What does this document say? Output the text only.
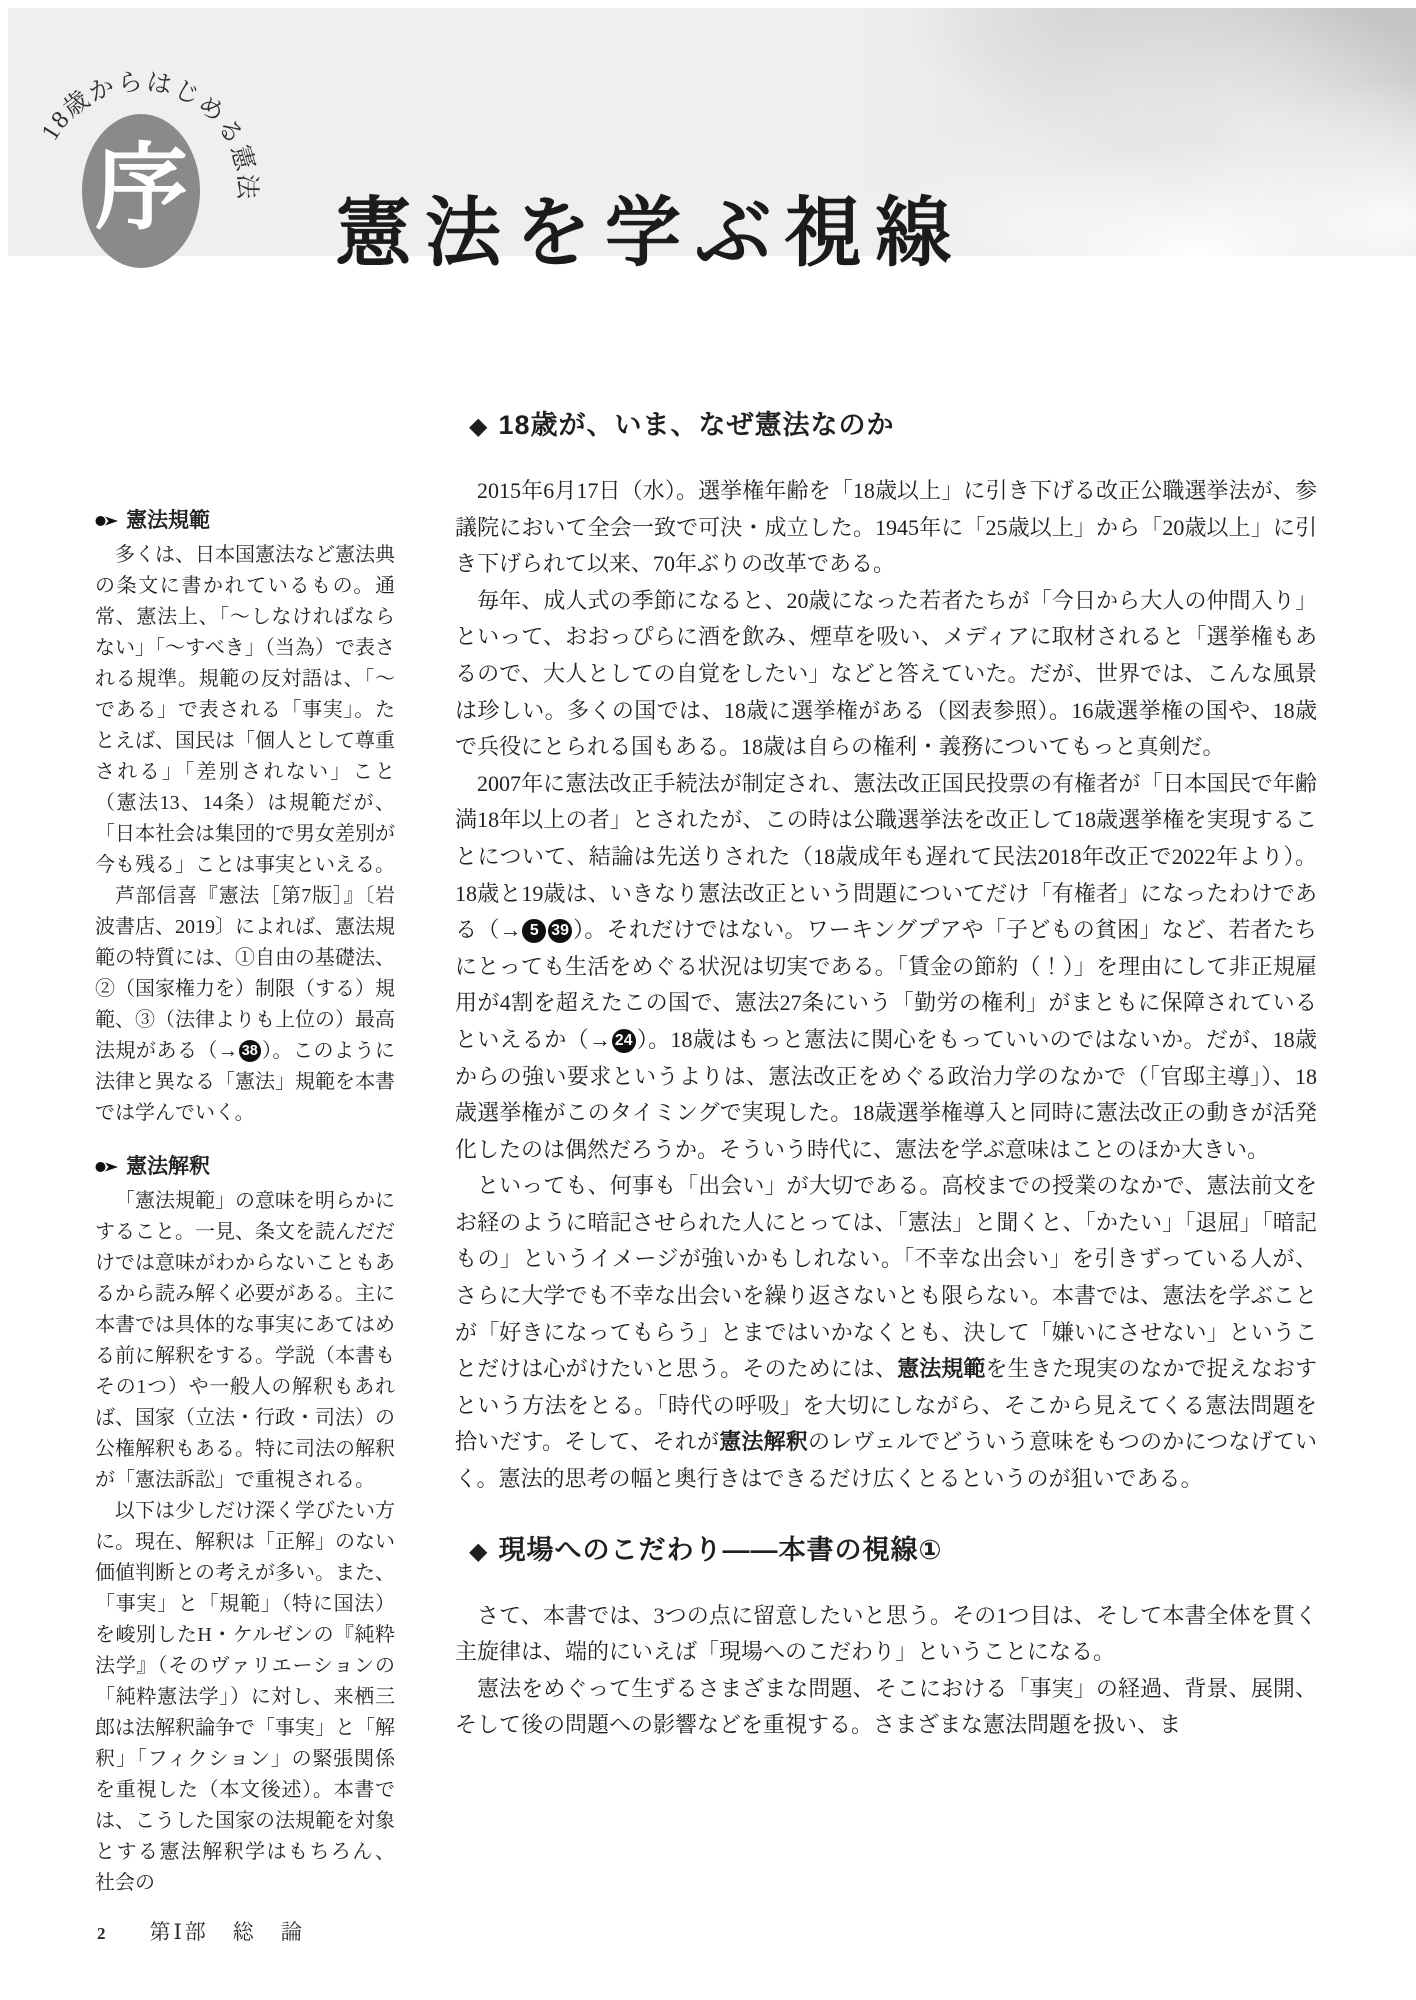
18歳からはじめる憲法
序 憲法を学ぶ視線
憲法規範

多くは、日本国憲法など憲法典の条文に書かれているもの。通常、憲法上、「〜しなければならない」「〜すべき」（当為）で表される規準。規範の反対語は、「〜である」で表される「事実」。たとえば、国民は「個人として尊重される」「差別されない」こと（憲法13、14条）は規範だが、「日本社会は集団的で男女差別が今も残る」ことは事実といえる。

芦部信喜『憲法［第7版］』〔岩波書店、2019〕によれば、憲法規範の特質には、①自由の基礎法、②（国家権力を）制限（する）規範、③（法律よりも上位の）最高法規がある（→ 38 ）。このように法律と異なる「憲法」規範を本書では学んでいく。

憲法解釈

「憲法規範」の意味を明らかにすること。一見、条文を読んだだけでは意味がわからないこともあるから読み解く必要がある。主に本書では具体的な事実にあてはめる前に解釈をする。学説（本書もその1つ）や一般人の解釈もあれば、国家（立法・行政・司法）の公権解釈もある。特に司法の解釈が「憲法訴訟」で重視される。

以下は少しだけ深く学びたい方に。現在、解釈は「正解」のない価値判断との考えが多い。また、「事実」と「規範」（特に国法）を峻別したH・ケルゼンの『純粋法学』（そのヴァリエーションの「純粋憲法学」）に対し、来栖三郎は法解釈論争で「事実」と「解釈」「フィクション」の緊張関係を重視した（本文後述）。本書では、こうした国家の法規範を対象とする憲法解釈学はもちろん、社会の

◆ 18歳が、いま、なぜ憲法なのか

2015年6月17日（水）。選挙権年齢を「18歳以上」に引き下げる改正公職選挙法が、参議院において全会一致で可決・成立した。1945年に「25歳以上」から「20歳以上」に引き下げられて以来、70年ぶりの改革である。

毎年、成人式の季節になると、20歳になった若者たちが「今日から大人の仲間入り」といって、おおっぴらに酒を飲み、煙草を吸い、メディアに取材されると「選挙権もあるので、大人としての自覚をしたい」などと答えていた。だが、世界では、こんな風景は珍しい。多くの国では、18歳に選挙権がある（図表参照）。16歳選挙権の国や、18歳で兵役にとられる国もある。18歳は自らの権利・義務についてもっと真剣だ。

2007年に憲法改正手続法が制定され、憲法改正国民投票の有権者が「日本国民で年齢満18年以上の者」とされたが、この時は公職選挙法を改正して18歳選挙権を実現することについて、結論は先送りされた（18歳成年も遅れて民法2018年改正で2022年より）。18歳と19歳は、いきなり憲法改正という問題についてだけ「有権者」になったわけである（→ 5 39 ）。それだけではない。ワーキングプアや「子どもの貧困」など、若者たちにとっても生活をめぐる状況は切実である。「賃金の節約（！）」を理由にして非正規雇用が4割を超えたこの国で、憲法27条にいう「勤労の権利」がまともに保障されているといえるか（→ 24 ）。18歳はもっと憲法に関心をもっていいのではないか。だが、18歳からの強い要求というよりは、憲法改正をめぐる政治力学のなかで（「官邸主導」）、18歳選挙権がこのタイミングで実現した。18歳選挙権導入と同時に憲法改正の動きが活発化したのは偶然だろうか。そういう時代に、憲法を学ぶ意味はことのほか大きい。

といっても、何事も「出会い」が大切である。高校までの授業のなかで、憲法前文をお経のように暗記させられた人にとっては、「憲法」と聞くと、「かたい」「退屈」「暗記もの」というイメージが強いかもしれない。「不幸な出会い」を引きずっている人が、さらに大学でも不幸な出会いを繰り返さないとも限らない。本書では、憲法を学ぶことが「好きになってもらう」とまではいかなくとも、決して「嫌いにさせない」ということだけは心がけたいと思う。そのためには、憲法規範を生きた現実のなかで捉えなおすという方法をとる。「時代の呼吸」を大切にしながら、そこから見えてくる憲法問題を拾いだす。そして、それが憲法解釈のレヴェルでどういう意味をもつのかにつなげていく。憲法的思考の幅と奥行きはできるだけ広くとるというのが狙いである。

◆ 現場へのこだわり——本書の視線①

さて、本書では、3つの点に留意したいと思う。その1つ目は、そして本書全体を貫く主旋律は、端的にいえば「現場へのこだわり」ということになる。

憲法をめぐって生ずるさまざまな問題、そこにおける「事実」の経過、背景、展開、そして後の問題への影響などを重視する。さまざまな憲法問題を扱い、ま

2 第Ⅰ部　総　論
